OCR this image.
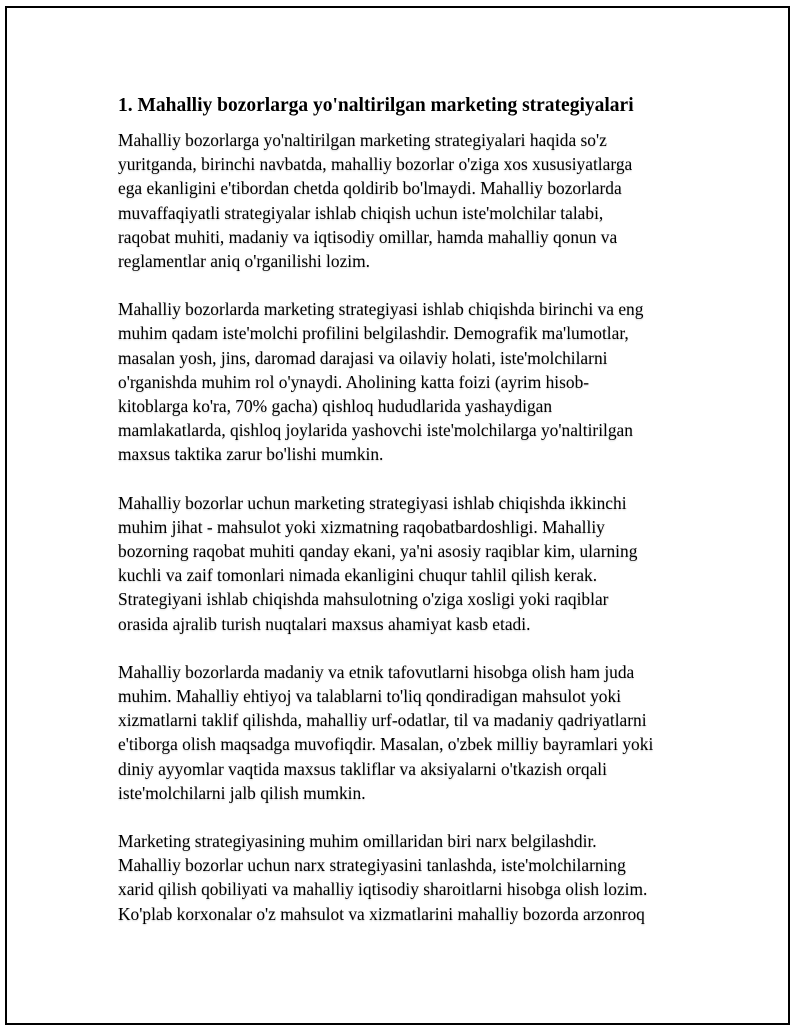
1. Mahalliy bozorlarga yo'naltirilgan marketing strategiyalari

Mahalliy bozorlarga yo'naltirilgan marketing strategiyalari haqida so'z
yuritganda, birinchi navbatda, mahalliy bozorlar o'ziga xos xususiyatlarga
ega ekanligini e'tibordan chetda qoldirib bo'lmaydi. Mahalliy bozorlarda
muvaffaqiyatli strategiyalar ishlab chiqish uchun iste'molchilar talabi,
raqobat muhiti, madaniy va iqtisodiy omillar, hamda mahalliy qonun va
reglamentlar aniq o'rganilishi lozim.

Mahalliy bozorlarda marketing strategiyasi ishlab chiqishda birinchi va eng
muhim qadam iste'molchi profilini belgilashdir. Demografik ma'lumotlar,
masalan yosh, jins, daromad darajasi va oilaviy holati, iste'molchilarni
o'rganishda muhim rol o'ynaydi. Aholining katta foizi (ayrim hisob-
kitoblarga ko'ra, 70% gacha) qishloq hududlarida yashaydigan
mamlakatlarda, qishloq joylarida yashovchi iste'molchilarga yo'naltirilgan
maxsus taktika zarur bo'lishi mumkin.

Mahalliy bozorlar uchun marketing strategiyasi ishlab chiqishda ikkinchi
muhim jihat - mahsulot yoki xizmatning raqobatbardoshligi. Mahalliy
bozorning raqobat muhiti qanday ekani, ya'ni asosiy raqiblar kim, ularning
kuchli va zaif tomonlari nimada ekanligini chuqur tahlil qilish kerak.
Strategiyani ishlab chiqishda mahsulotning o'ziga xosligi yoki raqiblar
orasida ajralib turish nuqtalari maxsus ahamiyat kasb etadi.

Mahalliy bozorlarda madaniy va etnik tafovutlarni hisobga olish ham juda
muhim. Mahalliy ehtiyoj va talablarni to'liq qondiradigan mahsulot yoki
xizmatlarni taklif qilishda, mahalliy urf-odatlar, til va madaniy qadriyatlarni
e'tiborga olish maqsadga muvofiqdir. Masalan, o'zbek milliy bayramlari yoki
diniy ayyomlar vaqtida maxsus takliflar va aksiyalarni o'tkazish orqali
iste'molchilarni jalb qilish mumkin.

Marketing strategiyasining muhim omillaridan biri narx belgilashdir.
Mahalliy bozorlar uchun narx strategiyasini tanlashda, iste'molchilarning
xarid qilish qobiliyati va mahalliy iqtisodiy sharoitlarni hisobga olish lozim.
Ko'plab korxonalar o'z mahsulot va xizmatlarini mahalliy bozorda arzonroq
